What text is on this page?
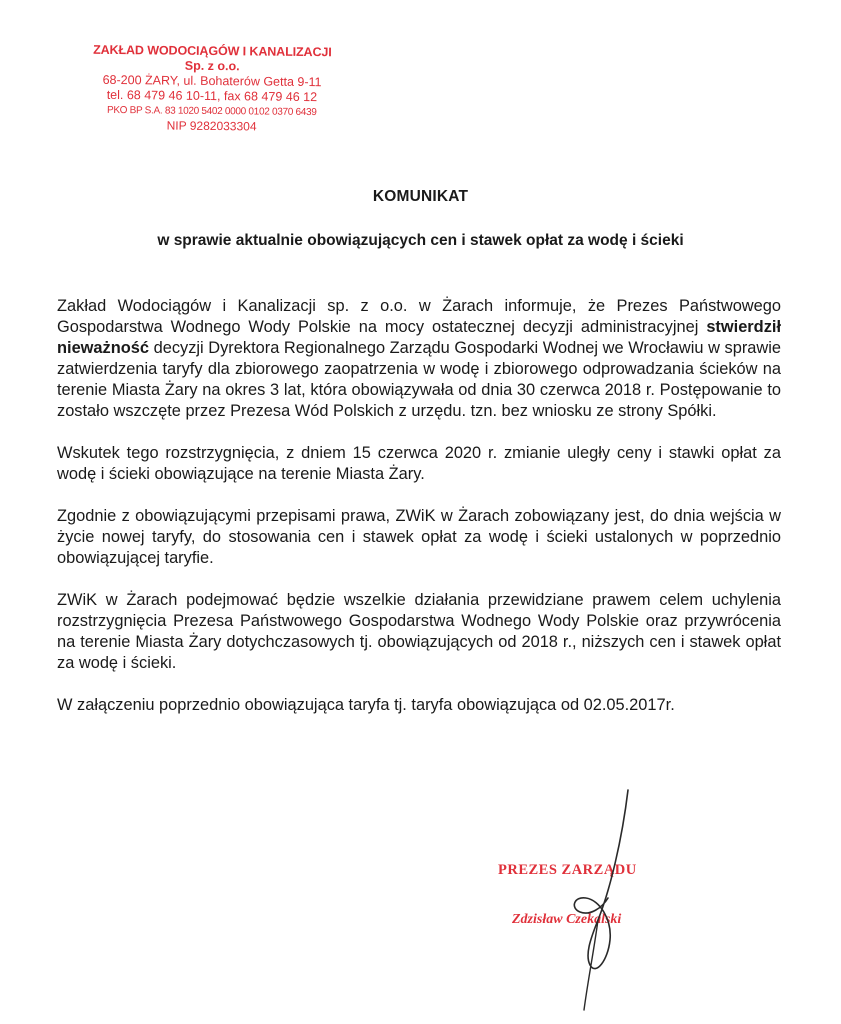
ZAKŁAD WODOCIĄGÓW I KANALIZACJI
Sp. z o.o.
68-200 ŻARY, ul. Bohaterów Getta 9-11
tel. 68 479 46 10-11, fax 68 479 46 12
PKO BP S.A. 83 1020 5402 0000 0102 0370 6439
NIP 9282033304
KOMUNIKAT
w sprawie aktualnie obowiązujących cen i stawek opłat za wodę i ścieki

Zakład Wodociągów i Kanalizacji sp. z o.o. w Żarach informuje, że Prezes Państwowego Gospodarstwa Wodnego Wody Polskie na mocy ostatecznej decyzji administracyjnej stwierdził nieważność decyzji Dyrektora Regionalnego Zarządu Gospodarki Wodnej we Wrocławiu w sprawie zatwierdzenia taryfy dla zbiorowego zaopatrzenia w wodę i zbiorowego odprowadzania ścieków na terenie Miasta Żary na okres 3 lat, która obowiązywała od dnia 30 czerwca 2018 r. Postępowanie to zostało wszczęte przez Prezesa Wód Polskich z urzędu. tzn. bez wniosku ze strony Spółki.

Wskutek tego rozstrzygnięcia, z dniem 15 czerwca 2020 r. zmianie uległy ceny i stawki opłat za wodę i ścieki obowiązujące na terenie Miasta Żary.

Zgodnie z obowiązującymi przepisami prawa, ZWiK w Żarach zobowiązany jest, do dnia wejścia w życie nowej taryfy, do stosowania cen i stawek opłat za wodę i ścieki ustalonych w poprzednio obowiązującej taryfie.

ZWiK w Żarach podejmować będzie wszelkie działania przewidziane prawem celem uchylenia rozstrzygnięcia Prezesa Państwowego Gospodarstwa Wodnego Wody Polskie oraz przywrócenia na terenie Miasta Żary dotychczasowych tj. obowiązujących od 2018 r., niższych cen i stawek opłat za wodę i ścieki.

W załączeniu poprzednio obowiązująca taryfa tj. taryfa obowiązująca od 02.05.2017r.

PREZES ZARZĄDU
Zdzisław Czekalski
